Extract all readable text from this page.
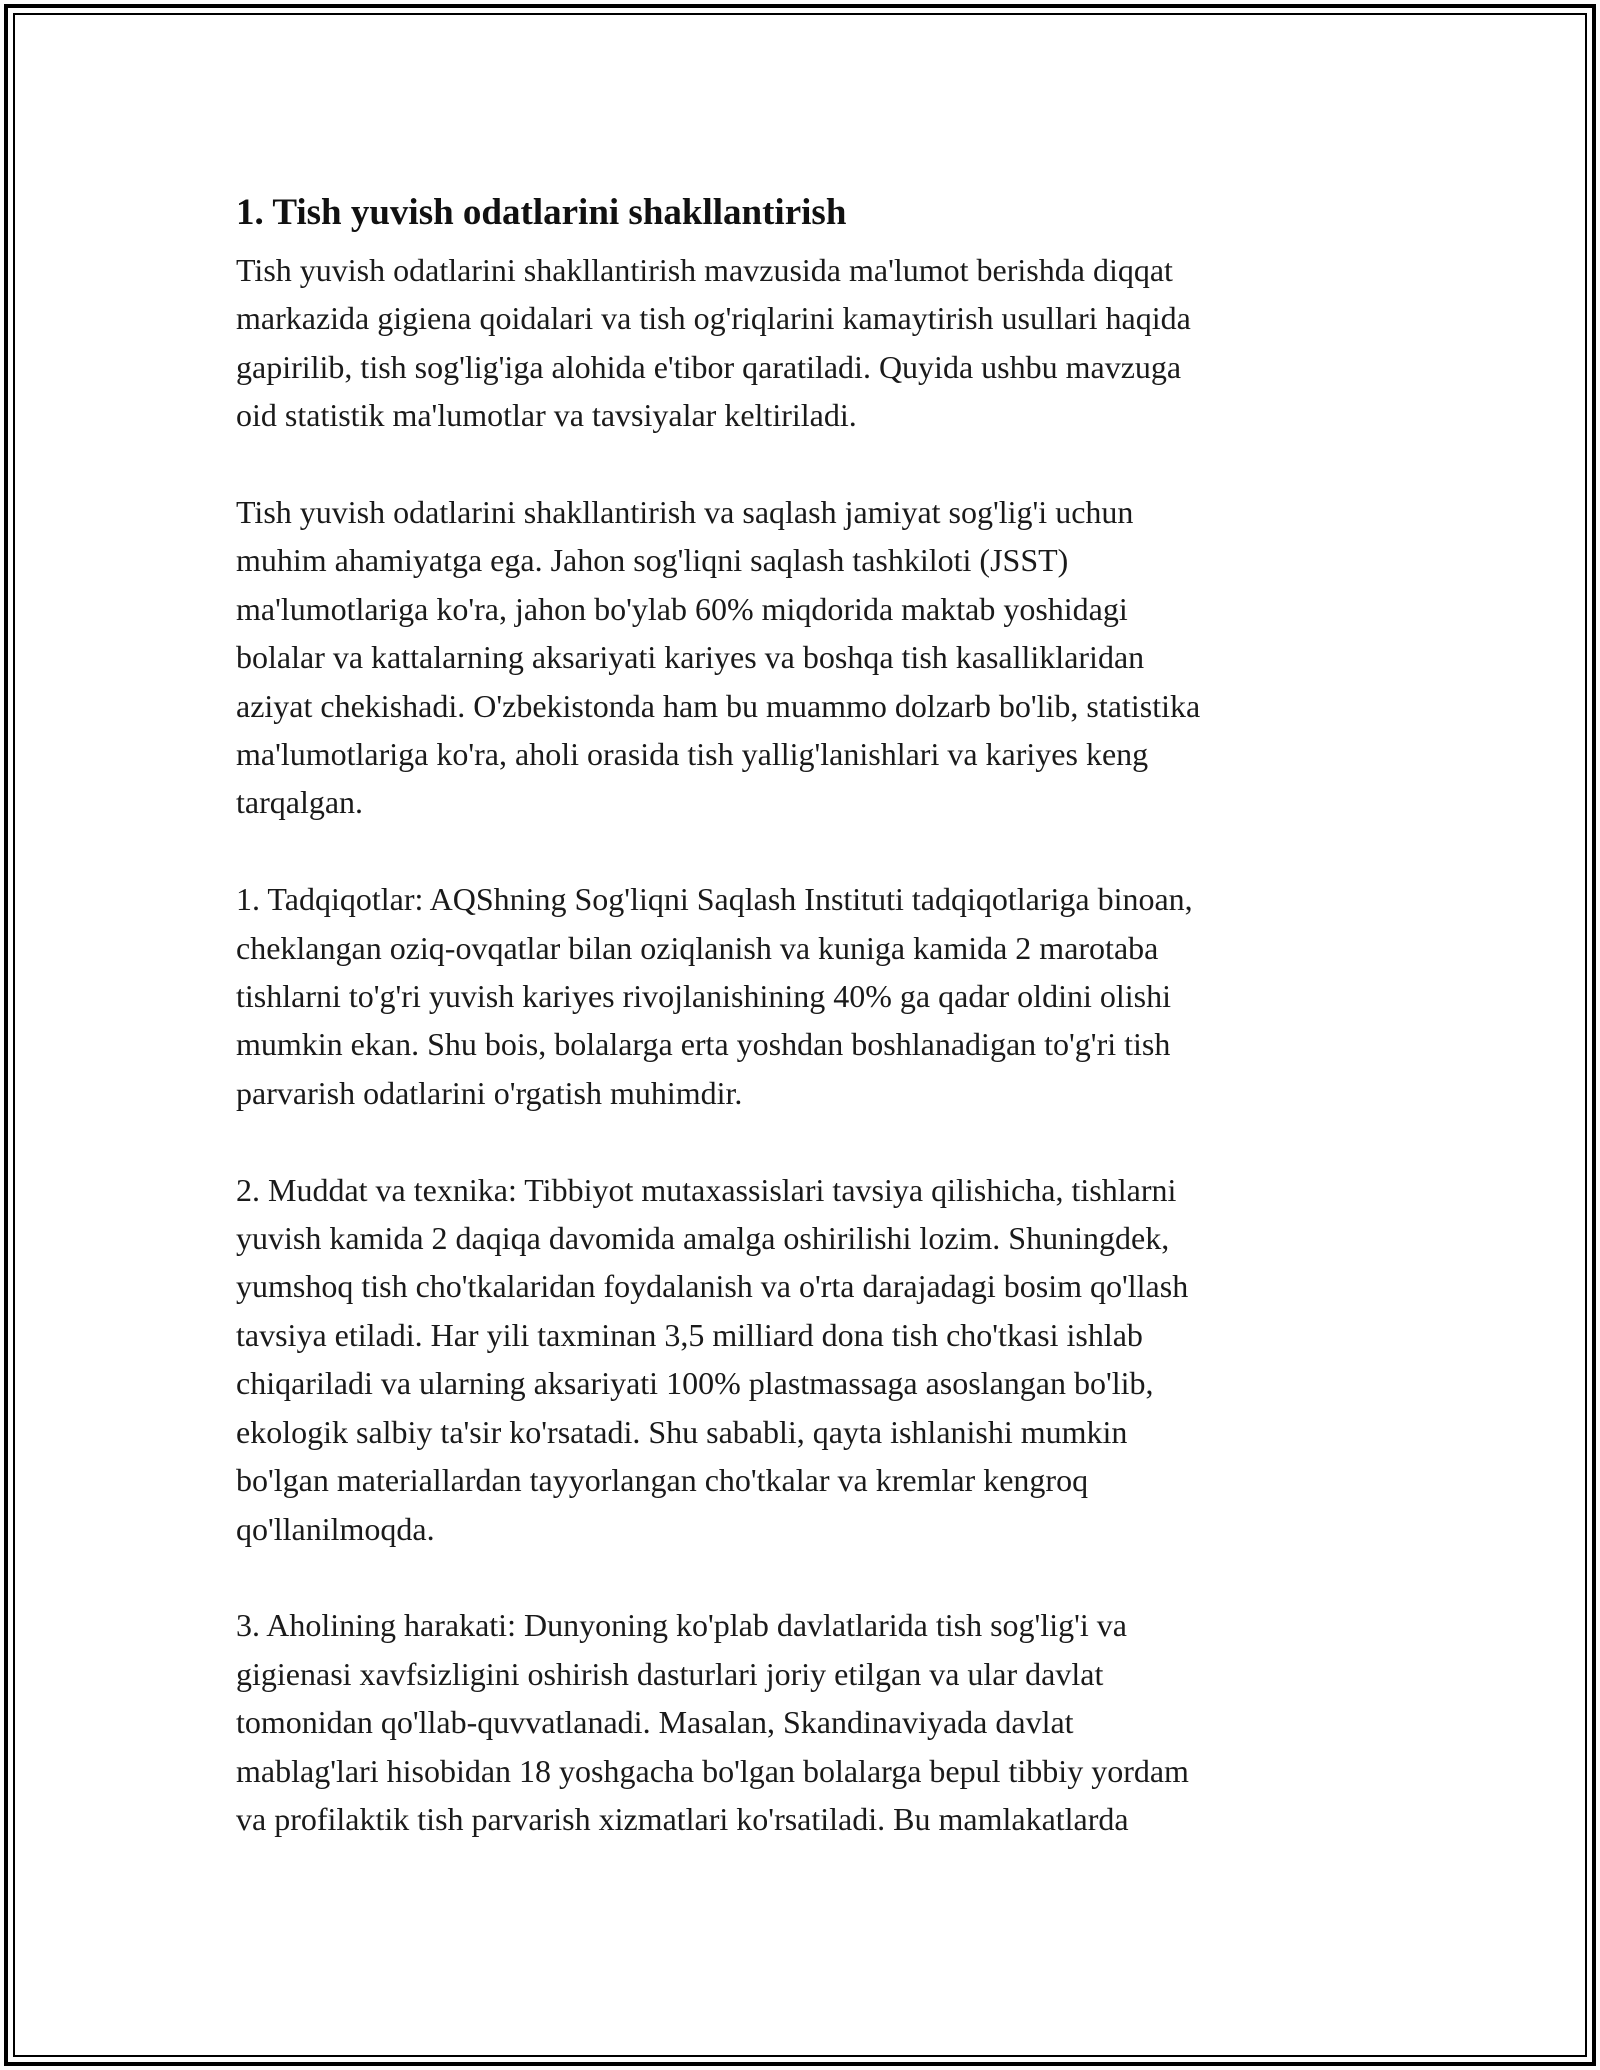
1. Tish yuvish odatlarini shakllantirish

Tish yuvish odatlarini shakllantirish mavzusida ma'lumot berishda diqqat
markazida gigiena qoidalari va tish og'riqlarini kamaytirish usullari haqida
gapirilib, tish sog'lig'iga alohida e'tibor qaratiladi. Quyida ushbu mavzuga
oid statistik ma'lumotlar va tavsiyalar keltiriladi.

Tish yuvish odatlarini shakllantirish va saqlash jamiyat sog'lig'i uchun
muhim ahamiyatga ega. Jahon sog'liqni saqlash tashkiloti (JSST)
ma'lumotlariga ko'ra, jahon bo'ylab 60% miqdorida maktab yoshidagi
bolalar va kattalarning aksariyati kariyes va boshqa tish kasalliklaridan
aziyat chekishadi. O'zbekistonda ham bu muammo dolzarb bo'lib, statistika
ma'lumotlariga ko'ra, aholi orasida tish yallig'lanishlari va kariyes keng
tarqalgan.

1. Tadqiqotlar: AQShning Sog'liqni Saqlash Instituti tadqiqotlariga binoan,
cheklangan oziq-ovqatlar bilan oziqlanish va kuniga kamida 2 marotaba
tishlarni to'g'ri yuvish kariyes rivojlanishining 40% ga qadar oldini olishi
mumkin ekan. Shu bois, bolalarga erta yoshdan boshlanadigan to'g'ri tish
parvarish odatlarini o'rgatish muhimdir.

2. Muddat va texnika: Tibbiyot mutaxassislari tavsiya qilishicha, tishlarni
yuvish kamida 2 daqiqa davomida amalga oshirilishi lozim. Shuningdek,
yumshoq tish cho'tkalaridan foydalanish va o'rta darajadagi bosim qo'llash
tavsiya etiladi. Har yili taxminan 3,5 milliard dona tish cho'tkasi ishlab
chiqariladi va ularning aksariyati 100% plastmassaga asoslangan bo'lib,
ekologik salbiy ta'sir ko'rsatadi. Shu sababli, qayta ishlanishi mumkin
bo'lgan materiallardan tayyorlangan cho'tkalar va kremlar kengroq
qo'llanilmoqda.

3. Aholining harakati: Dunyoning ko'plab davlatlarida tish sog'lig'i va
gigienasi xavfsizligini oshirish dasturlari joriy etilgan va ular davlat
tomonidan qo'llab-quvvatlanadi. Masalan, Skandinaviyada davlat
mablag'lari hisobidan 18 yoshgacha bo'lgan bolalarga bepul tibbiy yordam
va profilaktik tish parvarish xizmatlari ko'rsatiladi. Bu mamlakatlarda
